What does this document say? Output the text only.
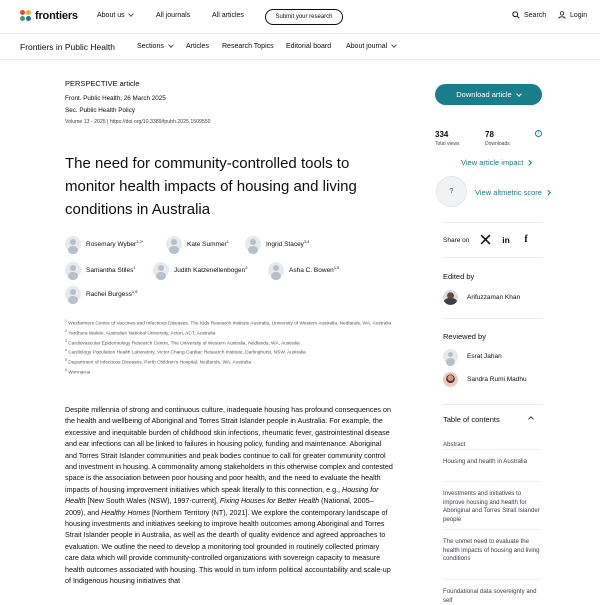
frontiers	About us	All journals	All articles	Submit your research	Search	Login
Frontiers in Public Health	Sections	Articles Research Topics Editorial board About journal
PERSPECTIVE article
Front. Public Health, 26 March 2025
Sec. Public Health Policy
Volume 13 - 2025 | https://doi.org/10.3389/fpubh.2025.1509550
The need for community-controlled tools to monitor health impacts of housing and living conditions in Australia
Rosemary Wyber$^{1,2*}$	Kate Summer$^1$	Ingrid Stacey$^{3,4}$
Samantha Stiles$^1$	Judith Katzenellenbogen$^3$	Asha C. Bowen$^{1,5}$
Rachel Burgess$^{1,6}$
$^1$ Wesfarmers Centre of Vaccines and Infectious Diseases, The Kids Research Institute Australia, University of Western Australia, Nedlands, WA, Australia
$^2$ Yardhura Walani, Australian National University, Acton, ACT, Australia
$^3$ Cardiovascular Epidemiology Research Centre, The University of Western Australia, Nedlands, WA, Australia
$^4$ Cardiology Population Health Laboratory, Victor Chang Cardiac Research Institute, Darlinghurst, NSW, Australia
$^5$ Department of Infectious Diseases, Perth Children's Hospital, Nedlands, WA, Australia
$^6$ Wonnarua

Despite millennia of strong and continuous culture, inadequate housing has profound consequences on the health and wellbeing of Aboriginal and Torres Strait Islander people in Australia. For example, the excessive and inequitable burden of childhood skin infections, rheumatic fever, gastrointestinal disease and ear infections can all be linked to failures in housing policy, funding and maintenance. Aboriginal and Torres Strait Islander communities and peak bodies continue to call for greater community control and investment in housing. A commonality among stakeholders in this otherwise complex and contested space is the association between poor housing and poor health, and the need to evaluate the health impacts of housing improvement initiatives which speak literally to this connection, e.g., Housing for Health [New South Wales (NSW), 1997-current], Fixing Houses for Better Health (National, 2005–2009), and Healthy Homes [Northern Territory (NT), 2021]. We explore the contemporary landscape of housing investments and initiatives seeking to improve health outcomes among Aboriginal and Torres Strait Islander people in Australia, as well as the dearth of quality evidence and agreed approaches to evaluation. We outline the need to develop a monitoring tool grounded in routinely collected primary care data which will provide community-controlled organizations with sovereign capacity to measure health outcomes associated with housing. This would in turn inform political accountability and scale-up of Indigenous housing initiatives that

Download article
334
Total views
78
Downloads
i
View article impact
?	View altmetric score
Share on	in	f
Edited by
Arifuzzaman Khan
Reviewed by
Esrat Jahan
Sandra Rumi Madhu
Table of contents
Abstract
Housing and health in Australia
Investments and initiatives to improve housing and health for Aboriginal and Torres Strait Islander people
The unmet need to evaluate the health impacts of housing and living conditions
Foundational data sovereignty and self
